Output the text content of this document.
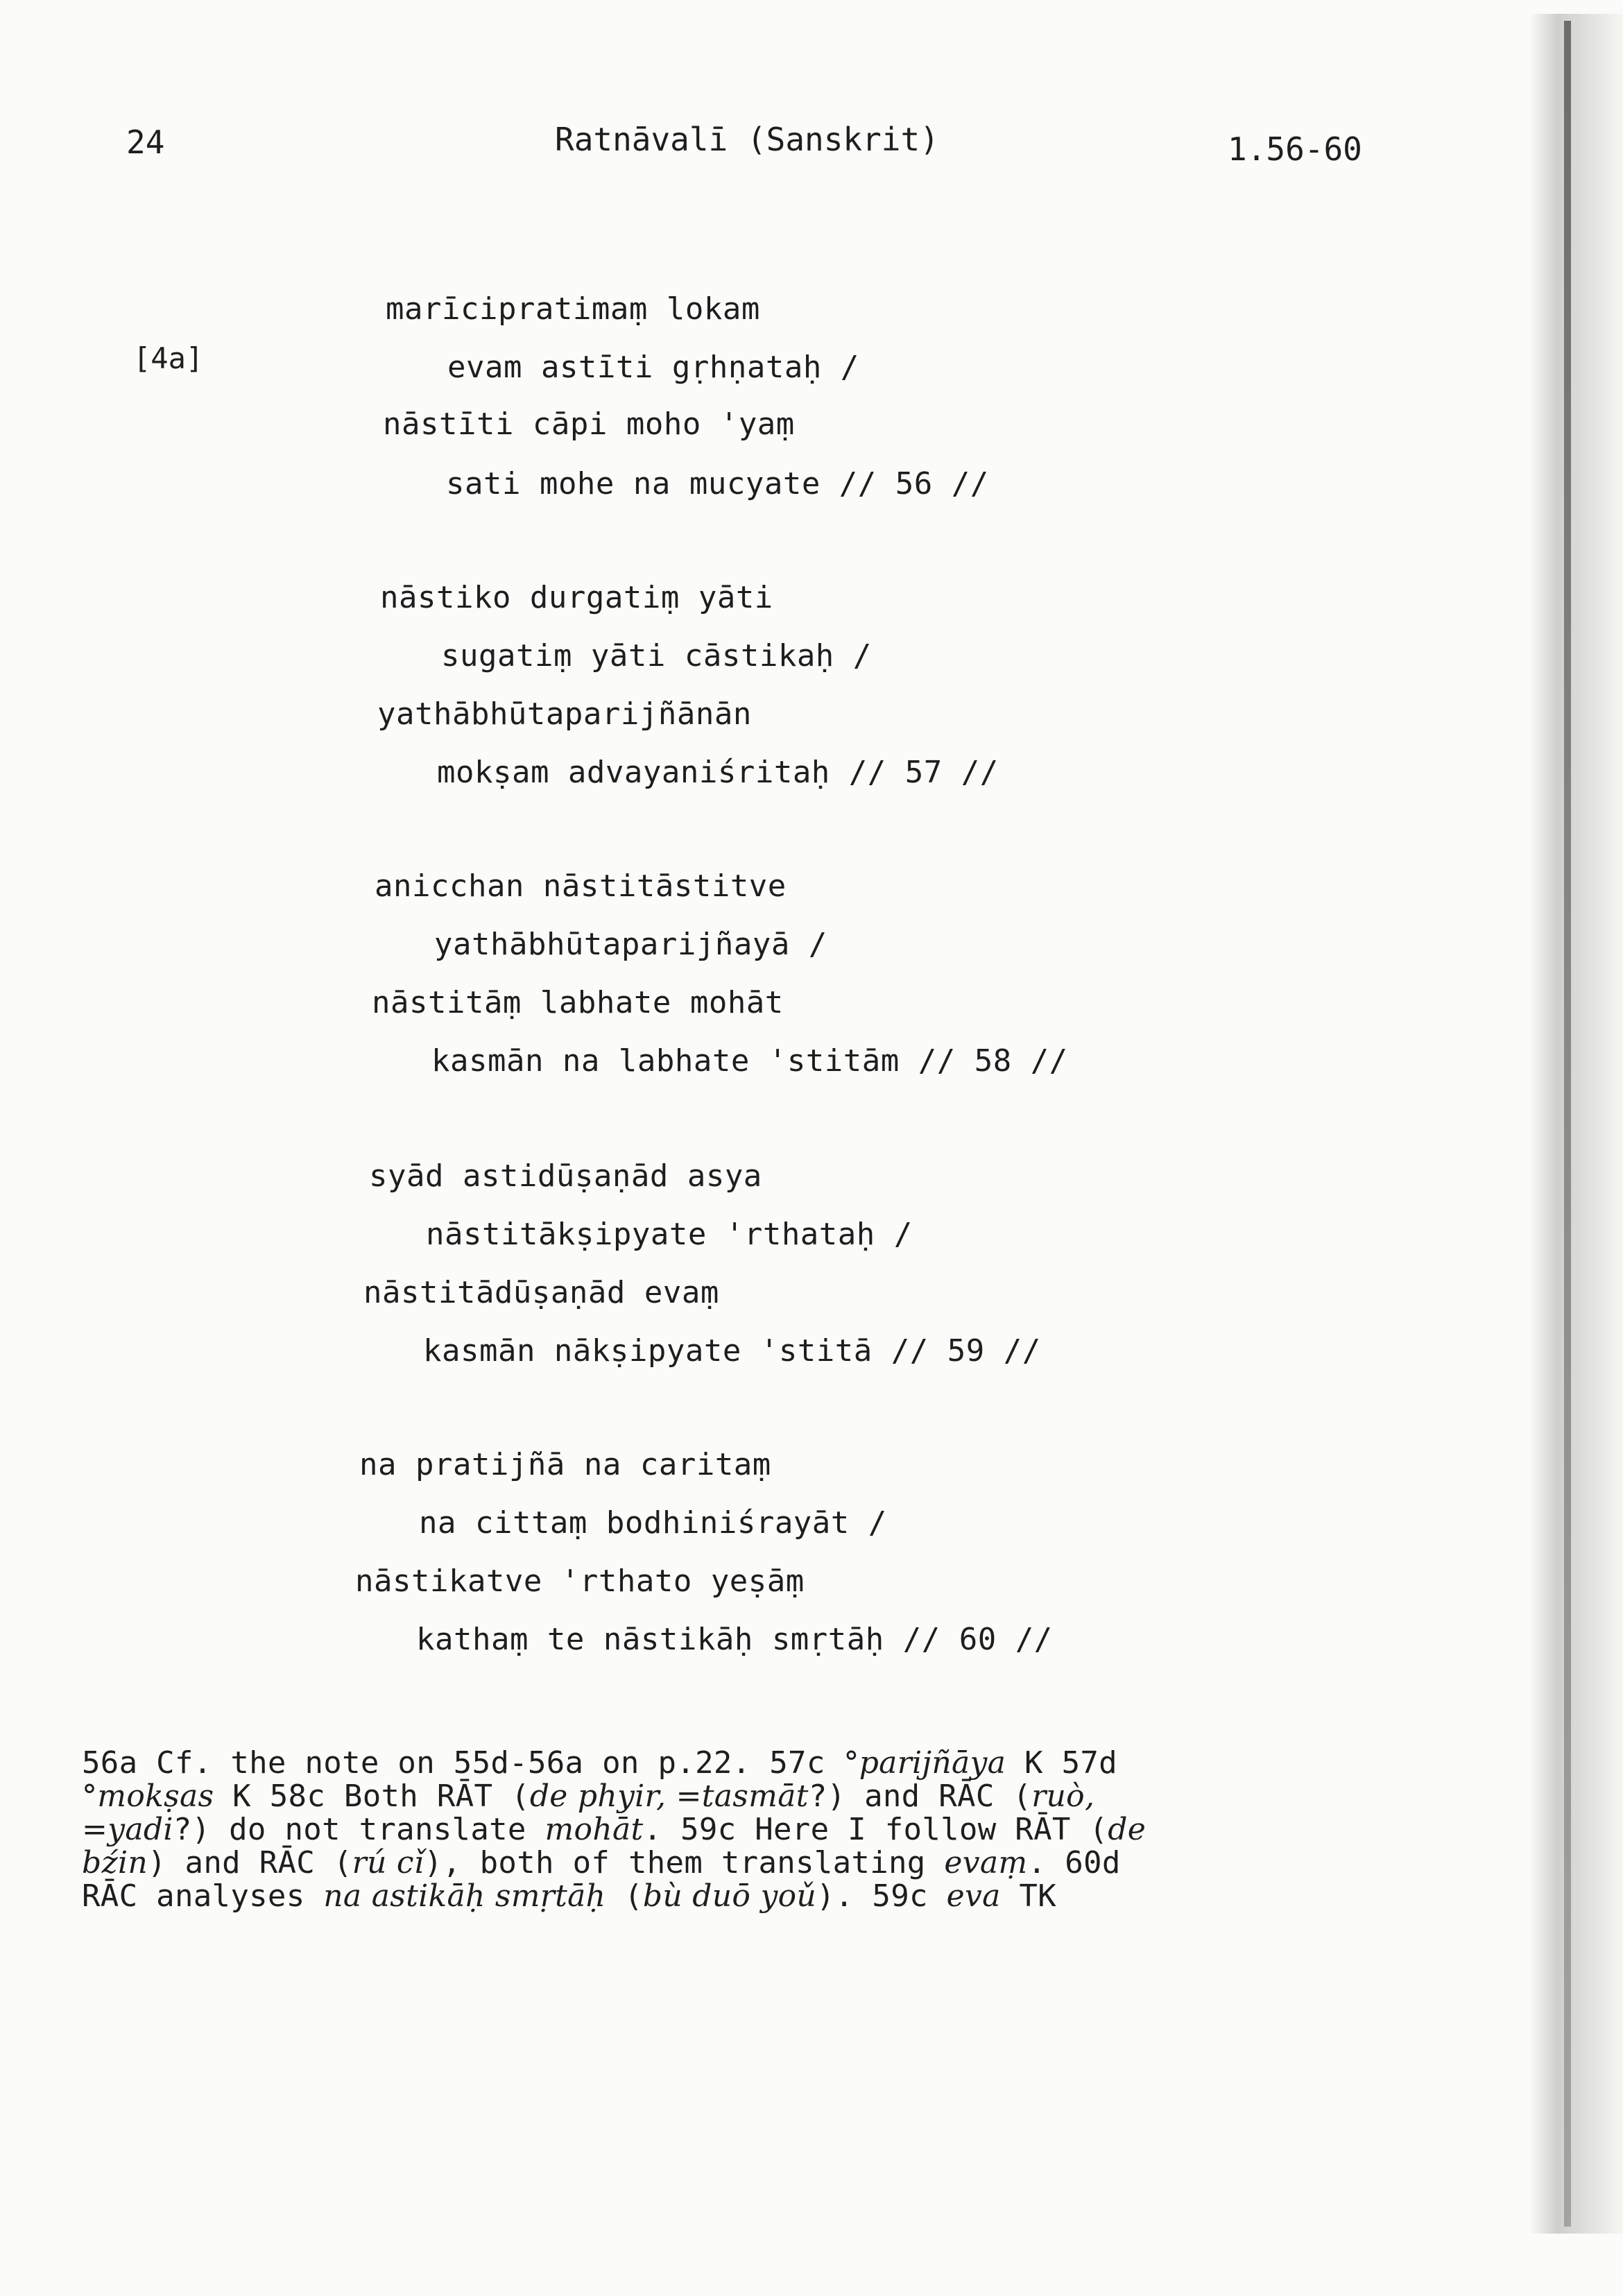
24	Ratnāvalī (Sanskrit)	1.56-60
[4a]
marīcipratimaṃ lokam
evam astīti gṛhṇataḥ /
nāstīti cāpi moho 'yaṃ
sati mohe na mucyate // 56 //
nāstiko durgatiṃ yāti
sugatiṃ yāti cāstikaḥ /
yathābhūtaparijñānān
mokṣam advayaniśritaḥ // 57 //
anicchan nāstitāstitve
yathābhūtaparijñayā /
nāstitāṃ labhate mohāt
kasmān na labhate 'stitām // 58 //
syād astidūṣaṇād asya
nāstitākṣipyate 'rthataḥ /
nāstitādūṣaṇād evaṃ
kasmān nākṣipyate 'stitā // 59 //
na pratijñā na caritaṃ
na cittaṃ bodhiniśrayāt /
nāstikatve 'rthato yeṣāṃ
kathaṃ te nāstikāḥ smṛtāḥ // 60 //
56a Cf. the note on 55d-56a on p.22. 57c °parijñāya K 57d
°mokṣas K 58c Both RĀT (de phyir, =tasmāt?) and RĀC (ruò,
=yadi?) do not translate mohāt. 59c Here I follow RĀT (de
bźin) and RĀC (rú cǐ), both of them translating evaṃ. 60d
RĀC analyses na astikāḥ smṛtāḥ (bù duō yoǔ). 59c eva TK
